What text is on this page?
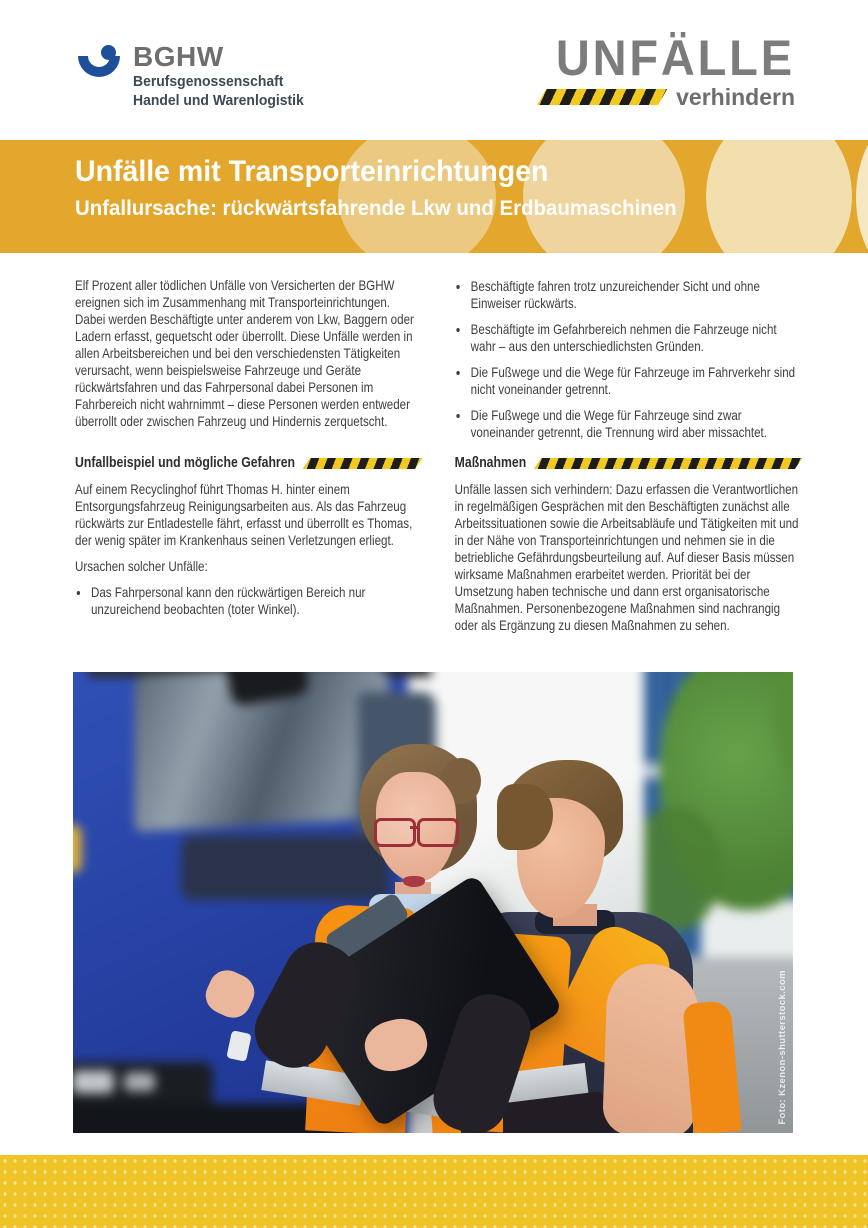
BGHW
Berufsgenossenschaft
Handel und Warenlogistik
UNFÄLLE
verhindern
Unfälle mit Transporteinrichtungen
Unfallursache: rückwärtsfahrende Lkw und Erdbaumaschinen

Elf Prozent aller tödlichen Unfälle von Versicherten der BGHW ereignen sich im Zusammenhang mit Transporteinrichtungen. Dabei werden Beschäftigte unter anderem von Lkw, Baggern oder Ladern erfasst, gequetscht oder überrollt. Diese Unfälle werden in allen Arbeitsbereichen und bei den verschiedensten Tätigkeiten verursacht, wenn beispielsweise Fahrzeuge und Geräte rückwärtsfahren und das Fahrpersonal dabei Personen im Fahrbereich nicht wahrnimmt – diese Personen werden entweder überrollt oder zwischen Fahrzeug und Hindernis zerquetscht.

Unfallbeispiel und mögliche Gefahren

Auf einem Recyclinghof führt Thomas H. hinter einem Entsorgungsfahrzeug Reinigungsarbeiten aus. Als das Fahrzeug rückwärts zur Entladestelle fährt, erfasst und überrollt es Thomas, der wenig später im Krankenhaus seinen Verletzungen erliegt.

Ursachen solcher Unfälle:

• Das Fahrpersonal kann den rückwärtigen Bereich nur unzureichend beobachten (toter Winkel).
• Beschäftigte fahren trotz unzureichender Sicht und ohne Einweiser rückwärts.
• Beschäftigte im Gefahrbereich nehmen die Fahrzeuge nicht wahr – aus den unterschiedlichsten Gründen.
• Die Fußwege und die Wege für Fahrzeuge im Fahrverkehr sind nicht voneinander getrennt.
• Die Fußwege und die Wege für Fahrzeuge sind zwar voneinander getrennt, die Trennung wird aber missachtet.
Maßnahmen

Unfälle lassen sich verhindern: Dazu erfassen die Verantwortlichen in regelmäßigen Gesprächen mit den Beschäftigten zunächst alle Arbeitssituationen sowie die Arbeitsabläufe und Tätigkeiten mit und in der Nähe von Transporteinrichtungen und nehmen sie in die betriebliche Gefährdungsbeurteilung auf. Auf dieser Basis müssen wirksame Maßnahmen erarbeitet werden. Priorität bei der Umsetzung haben technische und dann erst organisatorische Maßnahmen. Personenbezogene Maßnahmen sind nachrangig oder als Ergänzung zu diesen Maßnahmen zu sehen.

Foto: Kzenon-shutterstock.com
